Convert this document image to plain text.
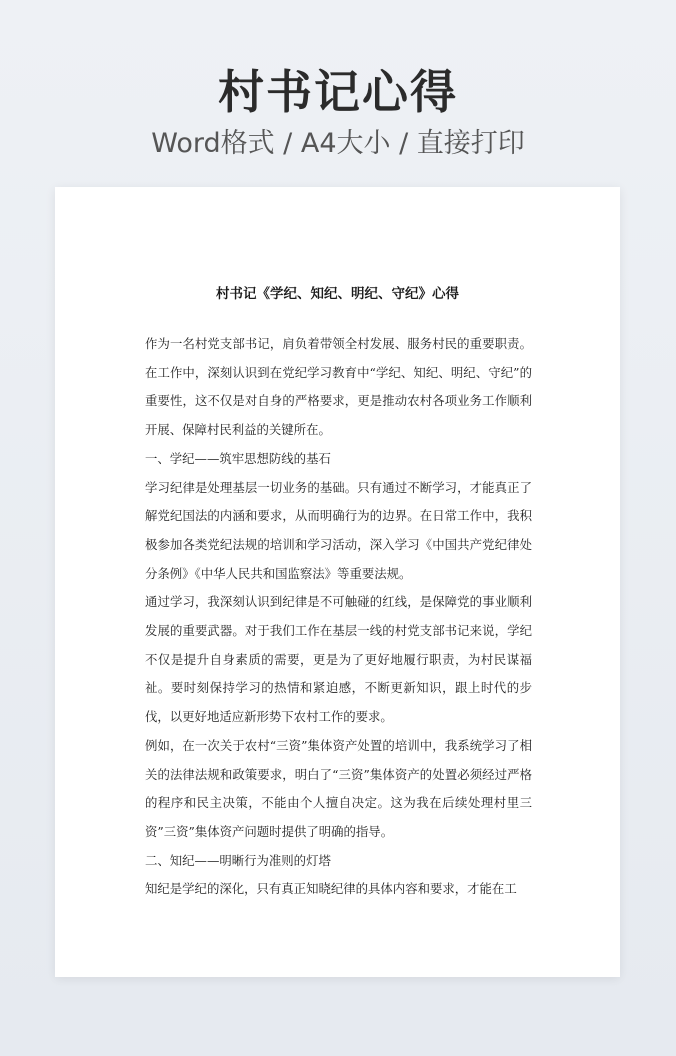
村书记心得
Word格式 / A4大小 / 直接打印
村书记《学纪、知纪、明纪、守纪》心得

作为一名村党支部书记，肩负着带领全村发展、服务村民的重要职责。在工作中，深刻认识到在党纪学习教育中“学纪、知纪、明纪、守纪”的重要性，这不仅是对自身的严格要求，更是推动农村各项业务工作顺利开展、保障村民利益的关键所在。

一、学纪——筑牢思想防线的基石

学习纪律是处理基层一切业务的基础。只有通过不断学习，才能真正了解党纪国法的内涵和要求，从而明确行为的边界。在日常工作中，我积极参加各类党纪法规的培训和学习活动，深入学习《中国共产党纪律处分条例》《中华人民共和国监察法》等重要法规。

通过学习，我深刻认识到纪律是不可触碰的红线，是保障党的事业顺利发展的重要武器。对于我们工作在基层一线的村党支部书记来说，学纪不仅是提升自身素质的需要，更是为了更好地履行职责，为村民谋福祉。要时刻保持学习的热情和紧迫感，不断更新知识，跟上时代的步伐，以更好地适应新形势下农村工作的要求。

例如，在一次关于农村“三资”集体资产处置的培训中，我系统学习了相关的法律法规和政策要求，明白了“三资”集体资产的处置必须经过严格的程序和民主决策，不能由个人擅自决定。这为我在后续处理村里三资”三资”集体资产问题时提供了明确的指导。

二、知纪——明晰行为准则的灯塔

知纪是学纪的深化，只有真正知晓纪律的具体内容和要求，才能在工
